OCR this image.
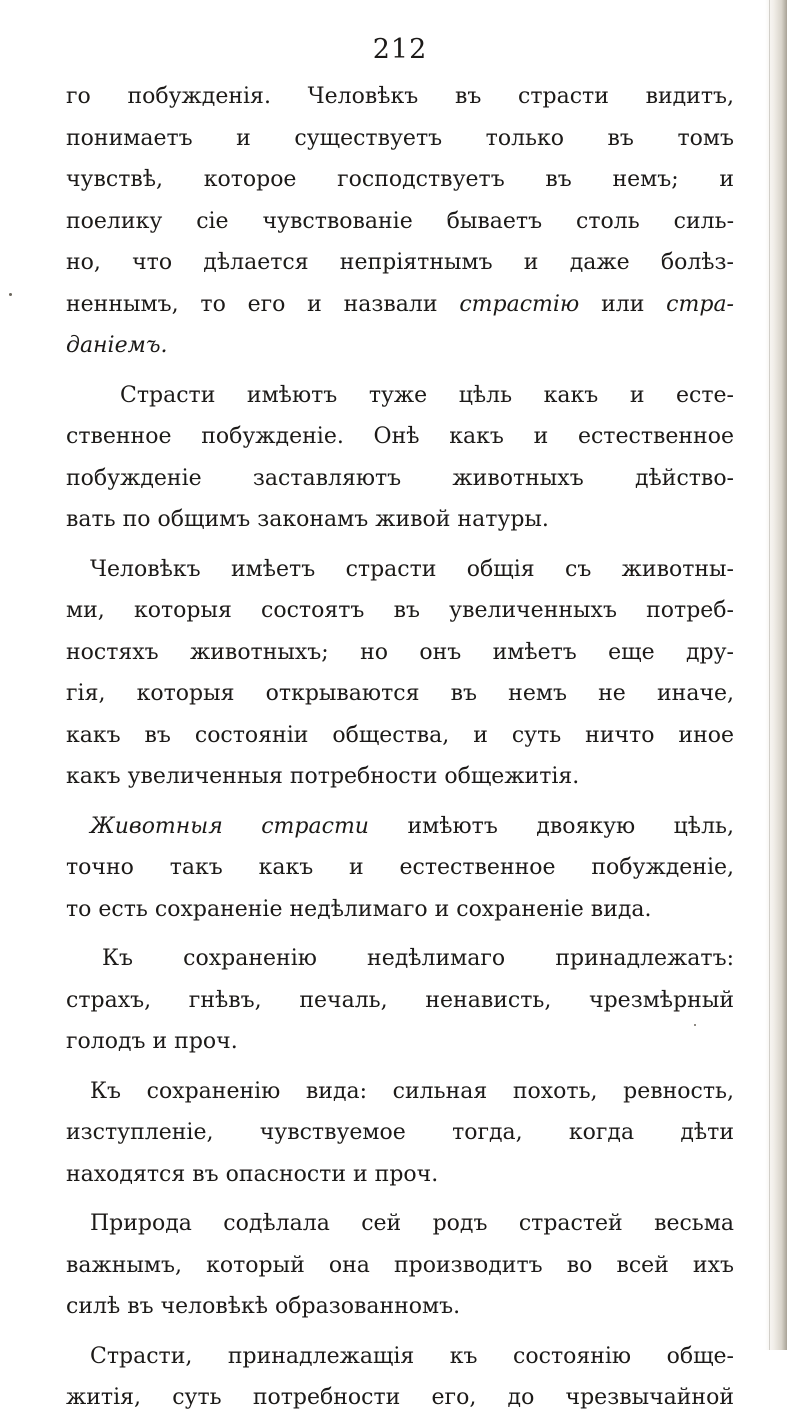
212
го побужденія. Человѣкъ въ страсти видитъ,
понимаетъ и существуетъ только въ томъ
чувствѣ, которое господствуетъ въ немъ; и
поелику сіе чувствованіе бываетъ столь силь-
но, что дѣлается непріятнымъ и даже болѣз-
неннымъ, то его и назвали страстію или стра-
даніемъ.
Страсти имѣютъ туже цѣль какъ и есте-
ственное побужденіе. Онѣ какъ и естественное
побужденіе заставляютъ животныхъ дѣйство-
вать по общимъ законамъ живой натуры.
Человѣкъ имѣетъ страсти общія съ животны-
ми, которыя состоятъ въ увеличенныхъ потреб-
ностяхъ животныхъ; но онъ имѣетъ еще дру-
гія, которыя открываются въ немъ не иначе,
какъ въ состояніи общества, и суть ничто иное
какъ увеличенныя потребности общежитія.
Животныя страсти имѣютъ двоякую цѣль,
точно такъ какъ и естественное побужденіе,
то есть сохраненіе недѣлимаго и сохраненіе вида.
Къ сохраненію недѣлимаго принадлежатъ:
страхъ, гнѣвъ, печаль, ненависть, чрезмѣрный
голодъ и проч.
Къ сохраненію вида: сильная похоть, ревность,
изступленіе, чувствуемое тогда, когда дѣти
находятся въ опасности и проч.
Природа содѣлала сей родъ страстей весьма
важнымъ, который она производитъ во всей ихъ
силѣ въ человѣкѣ образованномъ.
Страсти, принадлежащія къ состоянію обще-
житія, суть потребности его, до чрезвычайной
